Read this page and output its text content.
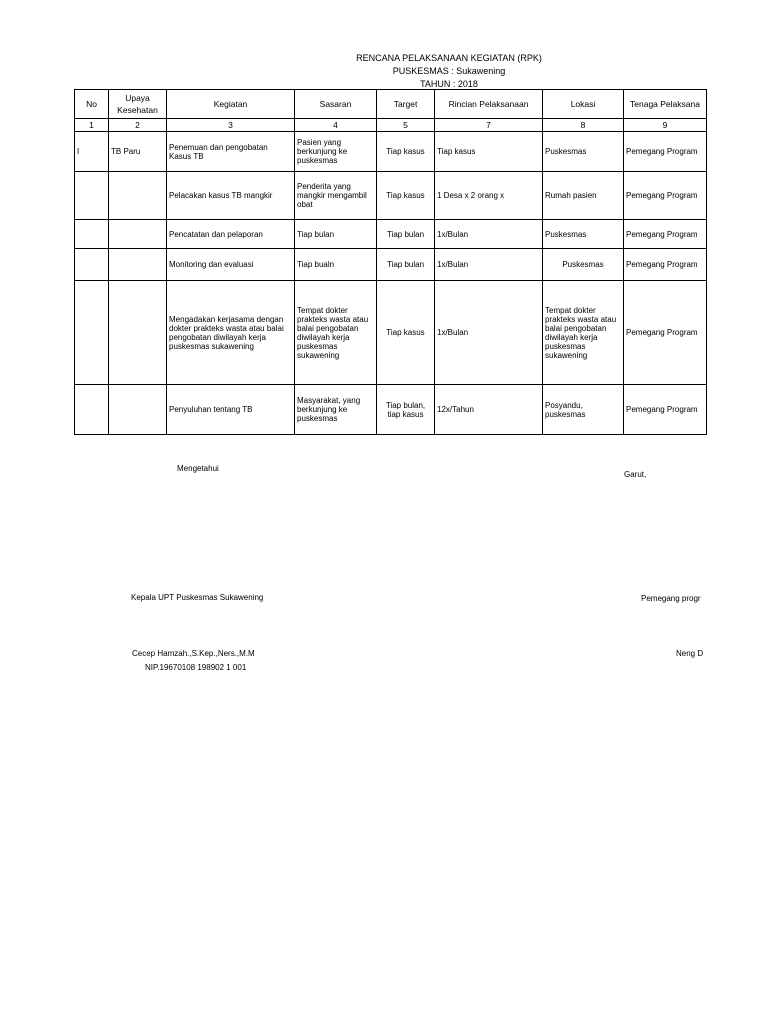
RENCANA PELAKSANAAN KEGIATAN (RPK)
PUSKESMAS : Sukawening
TAHUN : 2018
No	Upaya Kesehatan	Kegiatan	Sasaran	Target	Rincian Pelaksanaan	Lokasi	Tenaga Pelaksana
1	2	3	4	5	7	8	9
I	TB Paru	Penemuan dan pengobatan Kasus TB	Pasien yang berkunjung ke puskesmas	Tiap kasus	Tiap kasus	Puskesmas	Pemegang Program
		Pelacakan kasus TB mangkir	Penderita yang mangkir mengambil obat	Tiap kasus	1 Desa x 2 orang x	Rumah pasien	Pemegang Program
		Pencatatan dan pelaporan	Tiap bulan	Tiap bulan	1x/Bulan	Puskesmas	Pemegang Program
		Monitoring dan evaluasi	Tiap bualn	Tiap bulan	1x/Bulan	Puskesmas	Pemegang Program
		Mengadakan kerjasama dengan dokter prakteks wasta atau balai pengobatan diwilayah kerja puskesmas sukawening	Tempat dokter prakteks wasta atau balai pengobatan diwilayah kerja puskesmas sukawening	Tiap kasus	1x/Bulan	Tempat dokter prakteks wasta atau balai pengobatan diwilayah kerja puskesmas sukawening	Pemegang Program
		Penyuluhan tentang TB	Masyarakat, yang berkunjung ke puskesmas	Tiap bulan, tiap kasus	12x/Tahun	Posyandu, puskesmas	Pemegang Program
Mengetahui
Garut,
Kepala UPT Puskesmas Sukawening	Pemegang progr
Cecep Hamzah.,S.Kep.,Ners.,M.M	Neng D
NIP.19670108 198902 1 001
